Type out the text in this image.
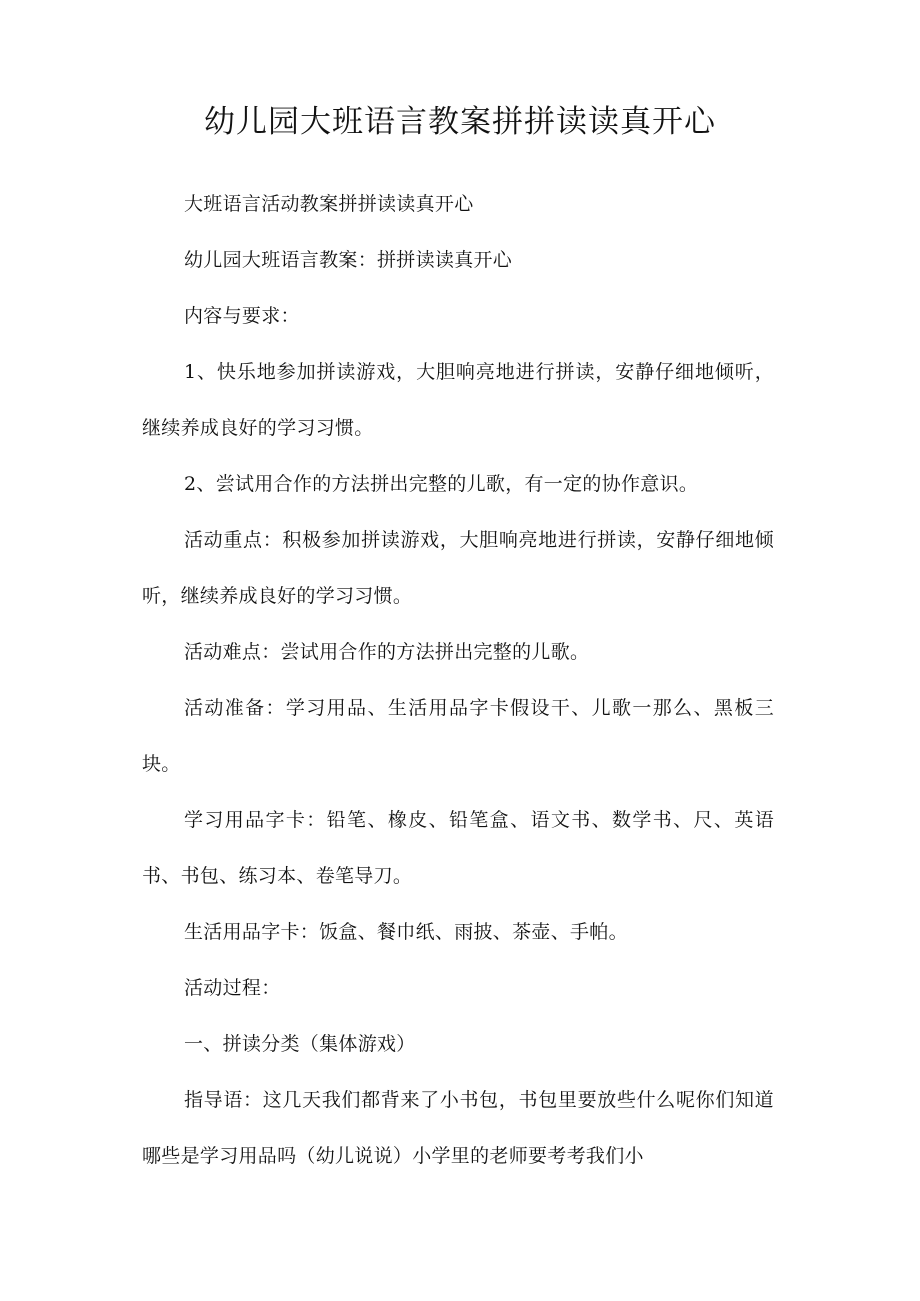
幼儿园大班语言教案拼拼读读真开心

大班语言活动教案拼拼读读真开心

幼儿园大班语言教案：拼拼读读真开心

内容与要求：

1、快乐地参加拼读游戏，大胆响亮地进行拼读，安静仔细地倾听，继续养成良好的学习习惯。

2、尝试用合作的方法拼出完整的儿歌，有一定的协作意识。

活动重点：积极参加拼读游戏，大胆响亮地进行拼读，安静仔细地倾听，继续养成良好的学习习惯。

活动难点：尝试用合作的方法拼出完整的儿歌。

活动准备：学习用品、生活用品字卡假设干、儿歌一那么、黑板三块。

学习用品字卡：铅笔、橡皮、铅笔盒、语文书、数学书、尺、英语书、书包、练习本、卷笔导刀。

生活用品字卡：饭盒、餐巾纸、雨披、茶壶、手帕。

活动过程：

一、拼读分类（集体游戏）

指导语：这几天我们都背来了小书包，书包里要放些什么呢你们知道哪些是学习用品吗（幼儿说说）小学里的老师要考考我们小
